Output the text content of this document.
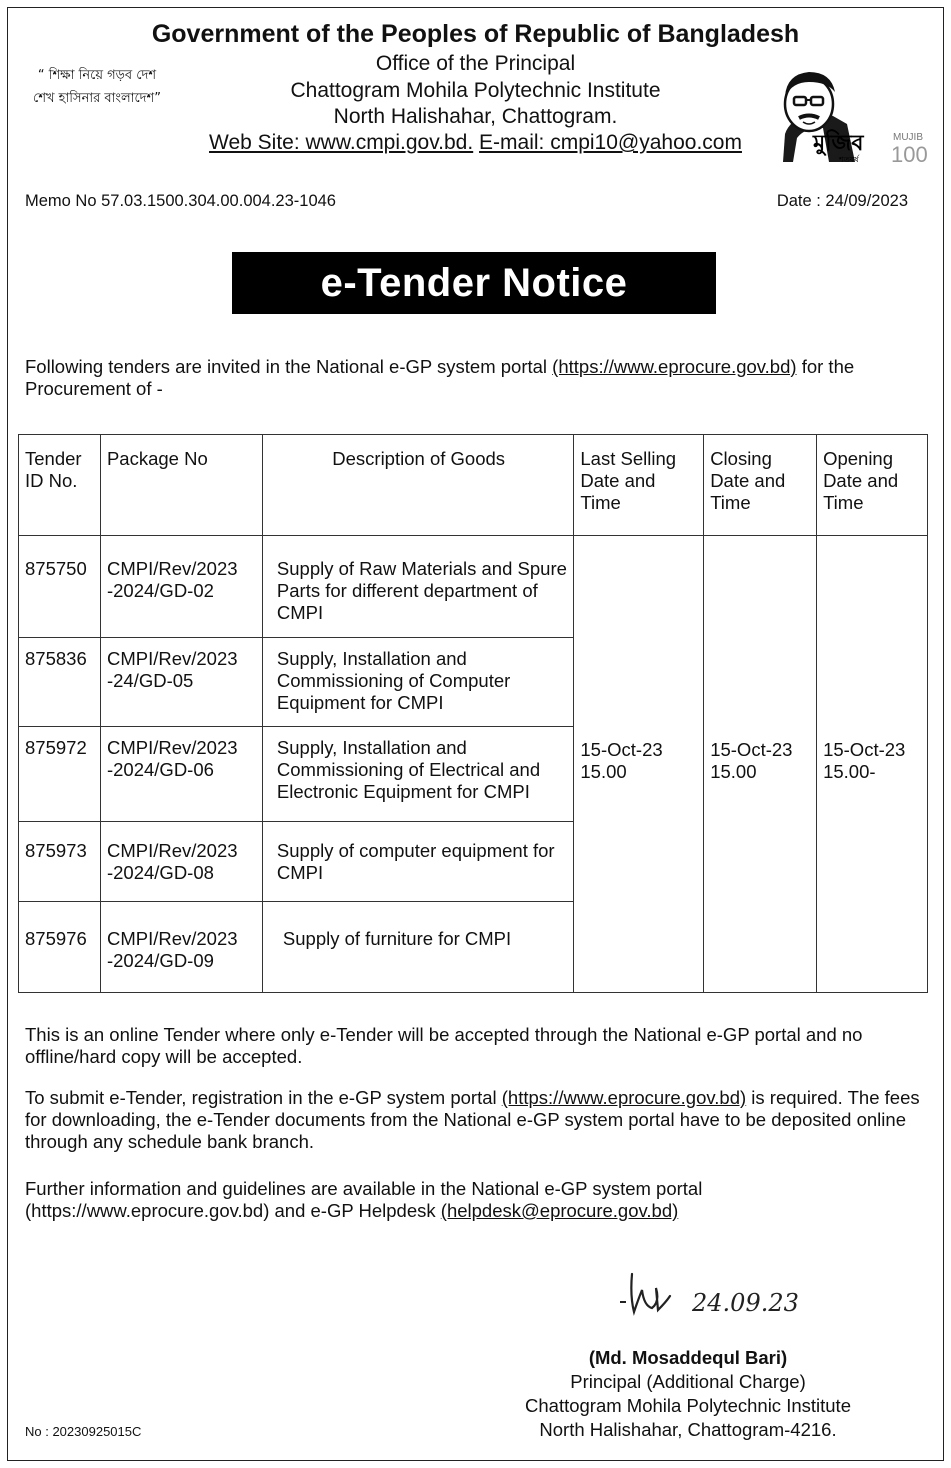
“ শিক্ষা নিয়ে গড়ব দেশ
শেখ হাসিনার বাংলাদেশ”
Government of the Peoples of Republic of Bangladesh
Office of the Principal
Chattogram Mohila Polytechnic Institute
North Halishahar, Chattogram.
Web Site: www.cmpi.gov.bd. E-mail: cmpi10@yahoo.com	মুজিব
শতবর্ষ
MUJIB
100
Memo No 57.03.1500.304.00.004.23-1046	Date : 24/09/2023
e-Tender Notice
Following tenders are invited in the National e-GP system portal (https://www.eprocure.gov.bd) for the Procurement of -
Tender ID No.	Package No	Description of Goods	Last Selling Date and Time	Closing Date and Time	Opening Date and Time
875750	CMPI/Rev/2023 -2024/GD-02	Supply of Raw Materials and Spure Parts for different department of CMPI	15-Oct-23 15.00	15-Oct-23 15.00	15-Oct-23 15.00-
875836	CMPI/Rev/2023 -24/GD-05	Supply, Installation and Commissioning of Computer Equipment for CMPI			
875972	CMPI/Rev/2023 -2024/GD-06	Supply, Installation and Commissioning of Electrical and Electronic Equipment for CMPI			
875973	CMPI/Rev/2023 -2024/GD-08	Supply of computer equipment for CMPI			
875976	CMPI/Rev/2023 -2024/GD-09	Supply of furniture for CMPI			
This is an online Tender where only e-Tender will be accepted through the National e-GP portal and no offline/hard copy will be accepted.
To submit e-Tender, registration in the e-GP system portal (https://www.eprocure.gov.bd) is required. The fees for downloading, the e-Tender documents from the National e-GP system portal have to be deposited online through any schedule bank branch.
Further information and guidelines are available in the National e-GP system portal (https://www.eprocure.gov.bd) and e-GP Helpdesk (helpdesk@eprocure.gov.bd)
24.09.23
(Md. Mosaddequl Bari)
Principal (Additional Charge)
Chattogram Mohila Polytechnic Institute
North Halishahar, Chattogram-4216.
No : 20230925015C
